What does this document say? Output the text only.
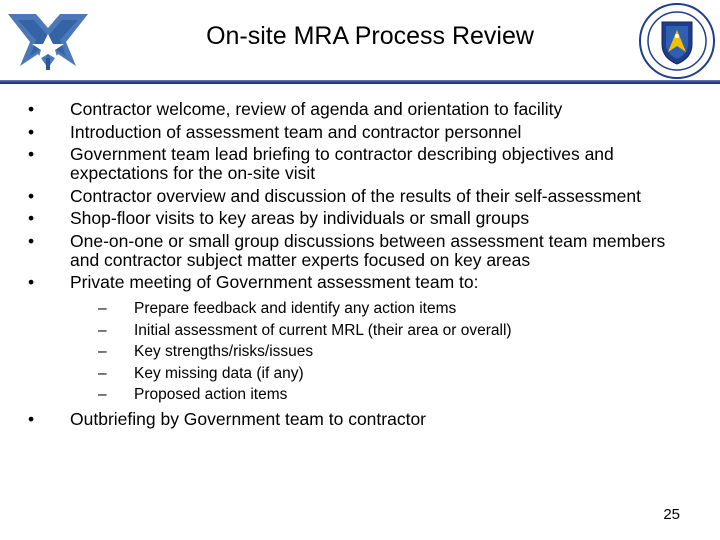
On-site MRA Process Review
• Contractor welcome, review of agenda and orientation to facility
• Introduction of assessment team and contractor personnel
• Government team lead briefing to contractor describing objectives and expectations for the on-site visit
• Contractor overview and discussion of the results of their self-assessment
• Shop-floor visits to key areas by individuals or small groups
• One-on-one or small group discussions between assessment team members and contractor subject matter experts focused on key areas
• Private meeting of Government assessment team to:
– Prepare feedback and identify any action items
– Initial assessment of current MRL (their area or overall)
– Key strengths/risks/issues
– Key missing data (if any)
– Proposed action items
• Outbriefing by Government team to contractor
25
